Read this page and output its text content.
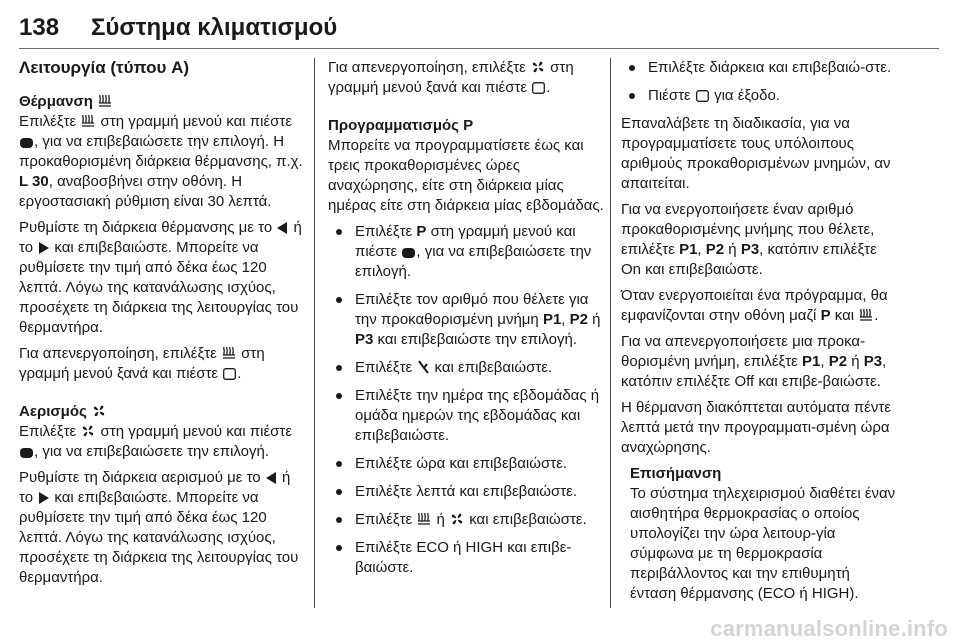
138	Σύστημα κλιματισμού
Λειτουργία (τύπου A)
Θέρμανση

Επιλέξτε στη γραμμή μενού και πιέστε
, για να επιβεβαιώσετε την επιλογή. Η προκαθορισμένη διάρκεια θέρμανσης, π.χ. L 30, αναβοσβήνει στην οθόνη. Η εργοστασιακή ρύθμιση είναι 30 λεπτά.

Ρυθμίστε τη διάρκεια θέρμανσης με το ή το και επιβεβαιώστε. Μπορείτε να ρυθμίσετε την τιμή από δέκα έως 120 λεπτά. Λόγω της κατανάλωσης ισχύος, προσέχετε τη διάρκεια της λειτουργίας του θερμαντήρα.

Για απενεργοποίηση, επιλέξτε στη γραμμή μενού ξανά και πιέστε .

Αερισμός

Επιλέξτε στη γραμμή μενού και πιέστε
, για να επιβεβαιώσετε την επιλογή.

Ρυθμίστε τη διάρκεια αερισμού με το ή το και επιβεβαιώστε. Μπορείτε να ρυθμίσετε την τιμή από δέκα έως 120 λεπτά. Λόγω της κατανάλωσης ισχύος, προσέχετε τη διάρκεια της λειτουργίας του θερμαντήρα.

Για απενεργοποίηση, επιλέξτε στη γραμμή μενού ξανά και πιέστε .

Προγραμματισμός P

Μπορείτε να προγραμματίσετε έως και τρεις προκαθορισμένες ώρες αναχώρησης, είτε στη διάρκεια μίας ημέρας είτε στη διάρκεια μίας εβδομάδας.

Επιλέξτε P στη γραμμή μενού και πιέστε , για να επιβεβαιώσετε την επιλογή.
Επιλέξτε τον αριθμό που θέλετε για την προκαθορισμένη μνήμη P1, P2 ή P3 και επιβεβαιώστε την επιλογή.
Επιλέξτε και επιβεβαιώστε.
Επιλέξτε την ημέρα της εβδομάδας ή ομάδα ημερών της εβδομάδας και επιβεβαιώστε.
Επιλέξτε ώρα και επιβεβαιώστε.
Επιλέξτε λεπτά και επιβεβαιώστε.
Επιλέξτε ή και επιβεβαιώστε.
Επιλέξτε ECO ή HIGH και επιβε-βαιώστε.
Επιλέξτε διάρκεια και επιβεβαιώ-στε.
Πιέστε για έξοδο.

Επαναλάβετε τη διαδικασία, για να προγραμματίσετε τους υπόλοιπους αριθμούς προκαθορισμένων μνημών, αν απαιτείται.

Για να ενεργοποιήσετε έναν αριθμό προκαθορισμένης μνήμης που θέλετε, επιλέξτε P1, P2 ή P3, κατόπιν επιλέξτε On και επιβεβαιώστε.

Όταν ενεργοποιείται ένα πρόγραμμα, θα εμφανίζονται στην οθόνη μαζί P και .

Για να απενεργοποιήσετε μια προκα-θορισμένη μνήμη, επιλέξτε P1, P2 ή P3, κατόπιν επιλέξτε Off και επιβε-βαιώστε.

Η θέρμανση διακόπτεται αυτόματα πέντε λεπτά μετά την προγραμματι-σμένη ώρα αναχώρησης.

Επισήμανση
Το σύστημα τηλεχειρισμού διαθέτει έναν αισθητήρα θερμοκρασίας ο οποίος υπολογίζει την ώρα λειτουρ-γία σύμφωνα με τη θερμοκρασία περιβάλλοντος και την επιθυμητή ένταση θέρμανσης (ECO ή HIGH).
carmanualsonline.info
